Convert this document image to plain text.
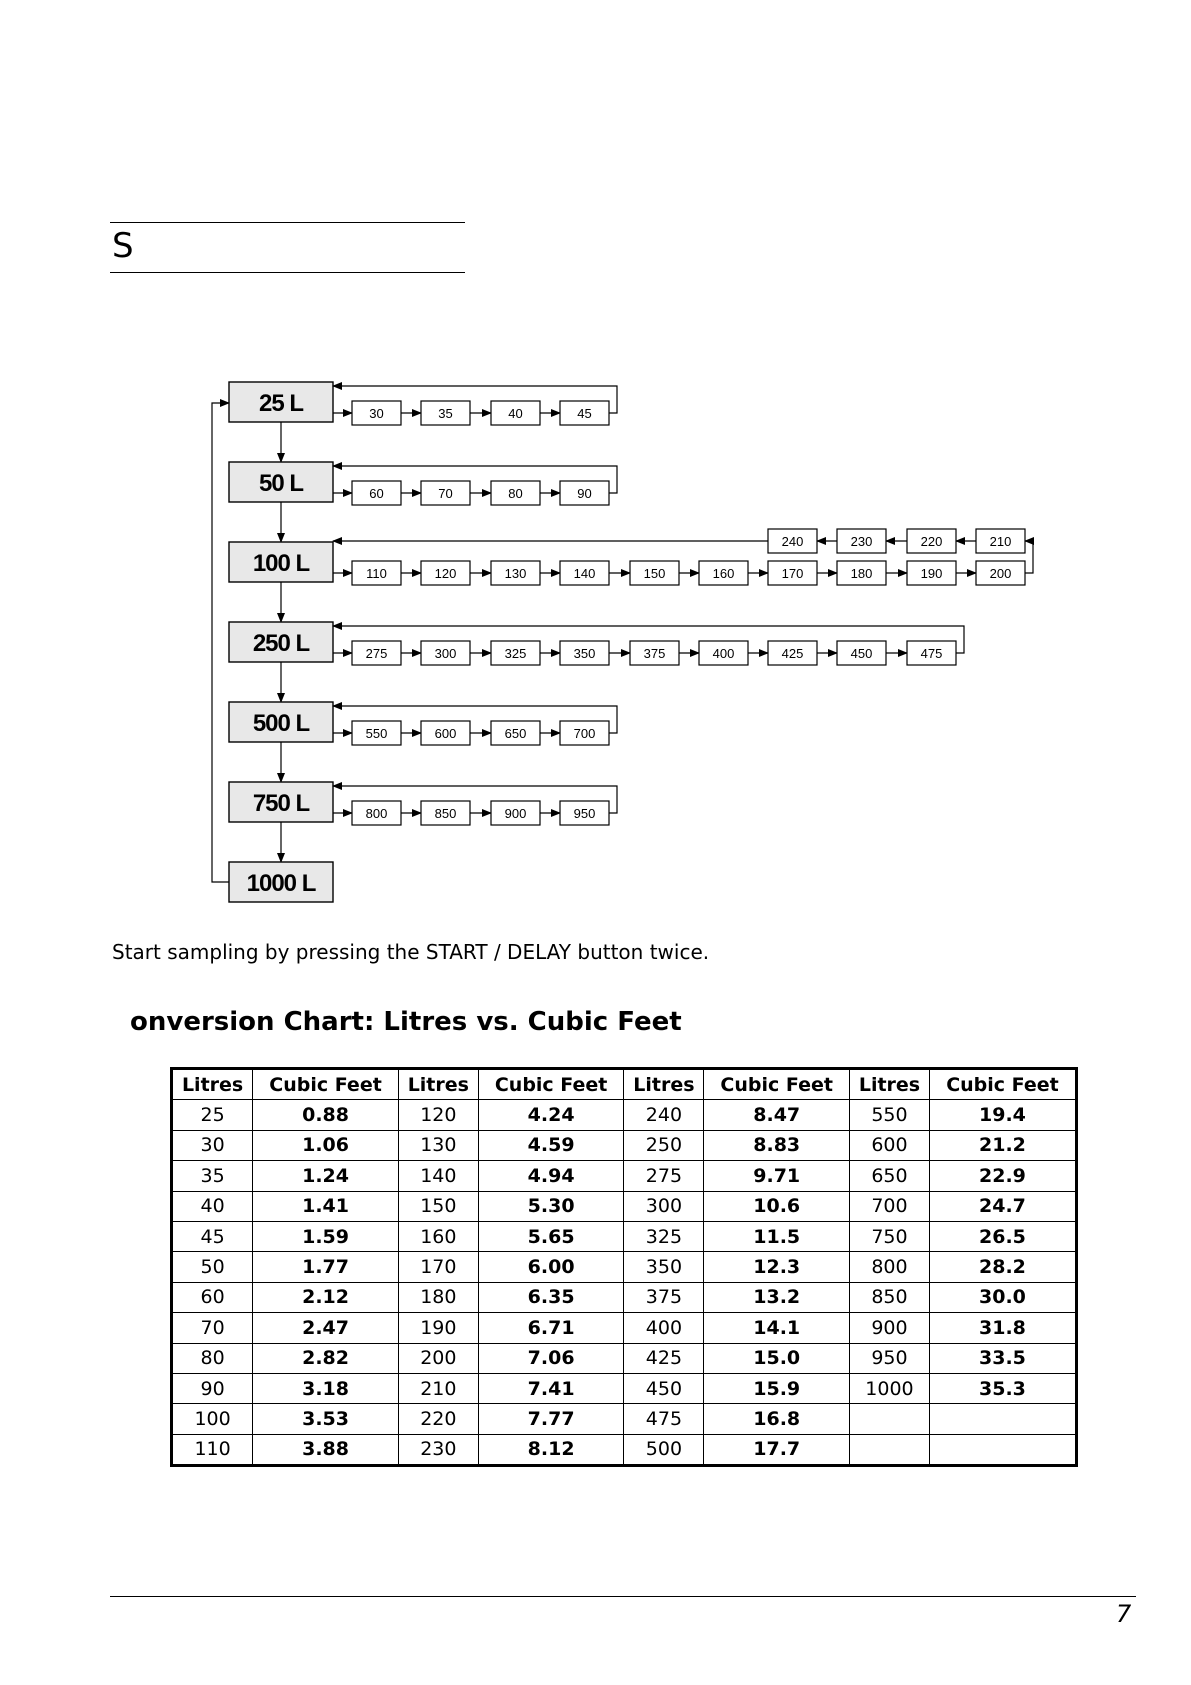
S
25 L
50 L
100 L
250 L
500 L
750 L
1000 L
30	35	40	45
60	70	80	90
110	120	130	140	150	160	170	180	190	200
210
220
230
240
275	300	325	350	375	400	425	450	475
550	600	650	700
800	850	900	950
Start sampling by pressing the START / DELAY button twice.
onversion Chart: Litres vs. Cubic Feet
Litres	Cubic Feet	Litres	Cubic Feet	Litres	Cubic Feet	Litres	Cubic Feet
25	0.88	120	4.24	240	8.47	550	19.4
30	1.06	130	4.59	250	8.83	600	21.2
35	1.24	140	4.94	275	9.71	650	22.9
40	1.41	150	5.30	300	10.6	700	24.7
45	1.59	160	5.65	325	11.5	750	26.5
50	1.77	170	6.00	350	12.3	800	28.2
60	2.12	180	6.35	375	13.2	850	30.0
70	2.47	190	6.71	400	14.1	900	31.8
80	2.82	200	7.06	425	15.0	950	33.5
90	3.18	210	7.41	450	15.9	1000	35.3
100	3.53	220	7.77	475	16.8		
110	3.88	230	8.12	500	17.7		
7
